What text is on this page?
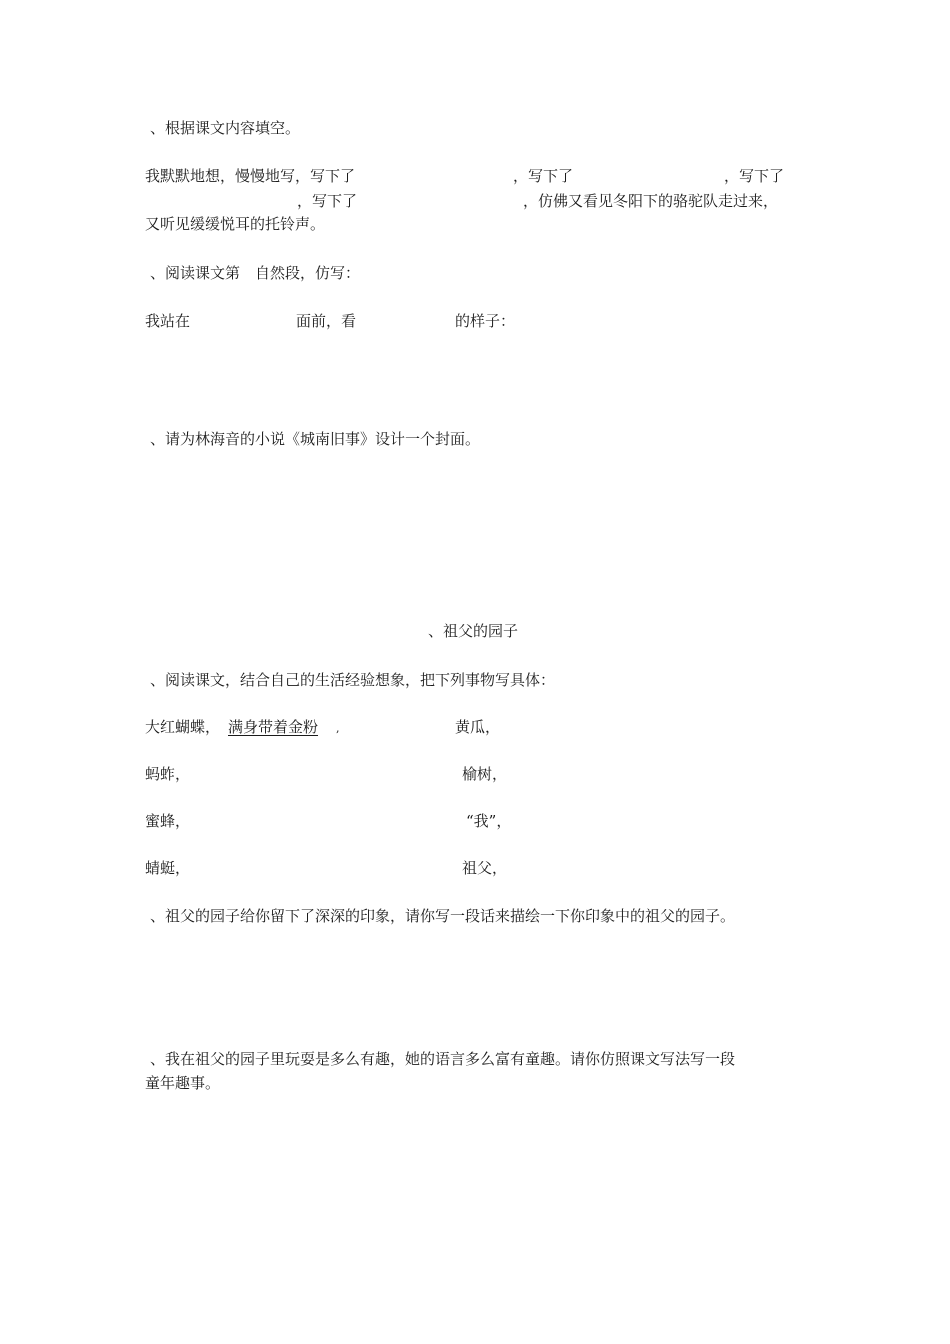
、根据课文内容填空。
我默默地想，慢慢地写，写下了	，写下了	，写下了
，写下了	，仿佛又看见冬阳下的骆驼队走过来，
又听见缓缓悦耳的托铃声。
、阅读课文第　自然段，仿写：
我站在	面前，看	的样子：
、请为林海音的小说《城南旧事》设计一个封面。
、祖父的园子
、阅读课文，结合自己的生活经验想象，把下列事物写具体：
大红蝴蝶， 满身带着金粉 ,	黄瓜，
蚂蚱，	榆树，
蜜蜂，	“我”，
蜻蜓，	祖父，
、祖父的园子给你留下了深深的印象，请你写一段话来描绘一下你印象中的祖父的园子。
、我在祖父的园子里玩耍是多么有趣，她的语言多么富有童趣。请你仿照课文写法写一段
童年趣事。
